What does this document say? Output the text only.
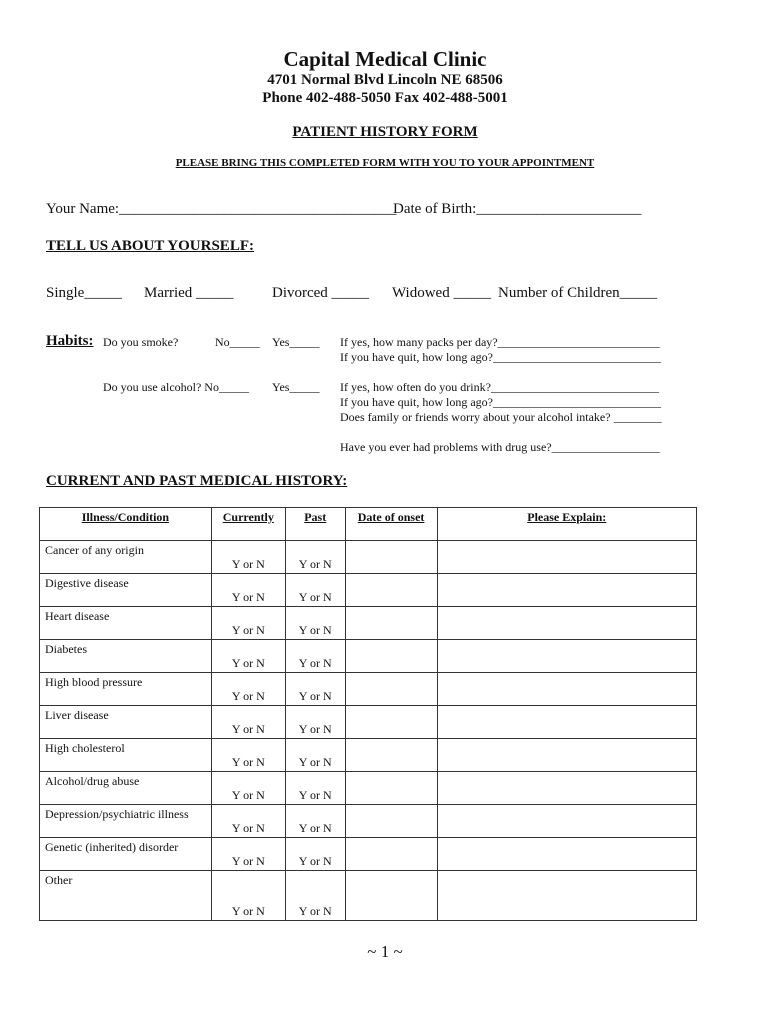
Capital Medical Clinic
4701 Normal Blvd Lincoln NE 68506
Phone 402-488-5050 Fax 402-488-5001
PATIENT HISTORY FORM
PLEASE BRING THIS COMPLETED FORM WITH YOU TO YOUR APPOINTMENT
Your Name:_____________________________________
Date of Birth:______________________
TELL US ABOUT YOURSELF:
Single_____ Married _____	Divorced _____ Widowed _____ Number of Children_____
Habits: Do you smoke?	No_____ Yes_____ If yes, how many packs per day?___________________________
If you have quit, how long ago?____________________________
Do you use alcohol? No_____ Yes_____ If yes, how often do you drink?____________________________
If you have quit, how long ago?____________________________
Does family or friends worry about your alcohol intake? ________
Have you ever had problems with drug use?__________________
CURRENT AND PAST MEDICAL HISTORY:
Illness/Condition	Currently	Past	Date of onset	Please Explain:
Cancer of any origin	Y or N	Y or N		

Digestive disease	Y or N	Y or N		

Heart disease	Y or N	Y or N		

Diabetes	Y or N	Y or N		

High blood pressure	Y or N	Y or N		

Liver disease	Y or N	Y or N		

High cholesterol	Y or N	Y or N		

Alcohol/drug abuse	Y or N	Y or N		

Depression/psychiatric illness	Y or N	Y or N		

Genetic (inherited) disorder	Y or N	Y or N		

Other	Y or N	Y or N		

~ 1 ~
